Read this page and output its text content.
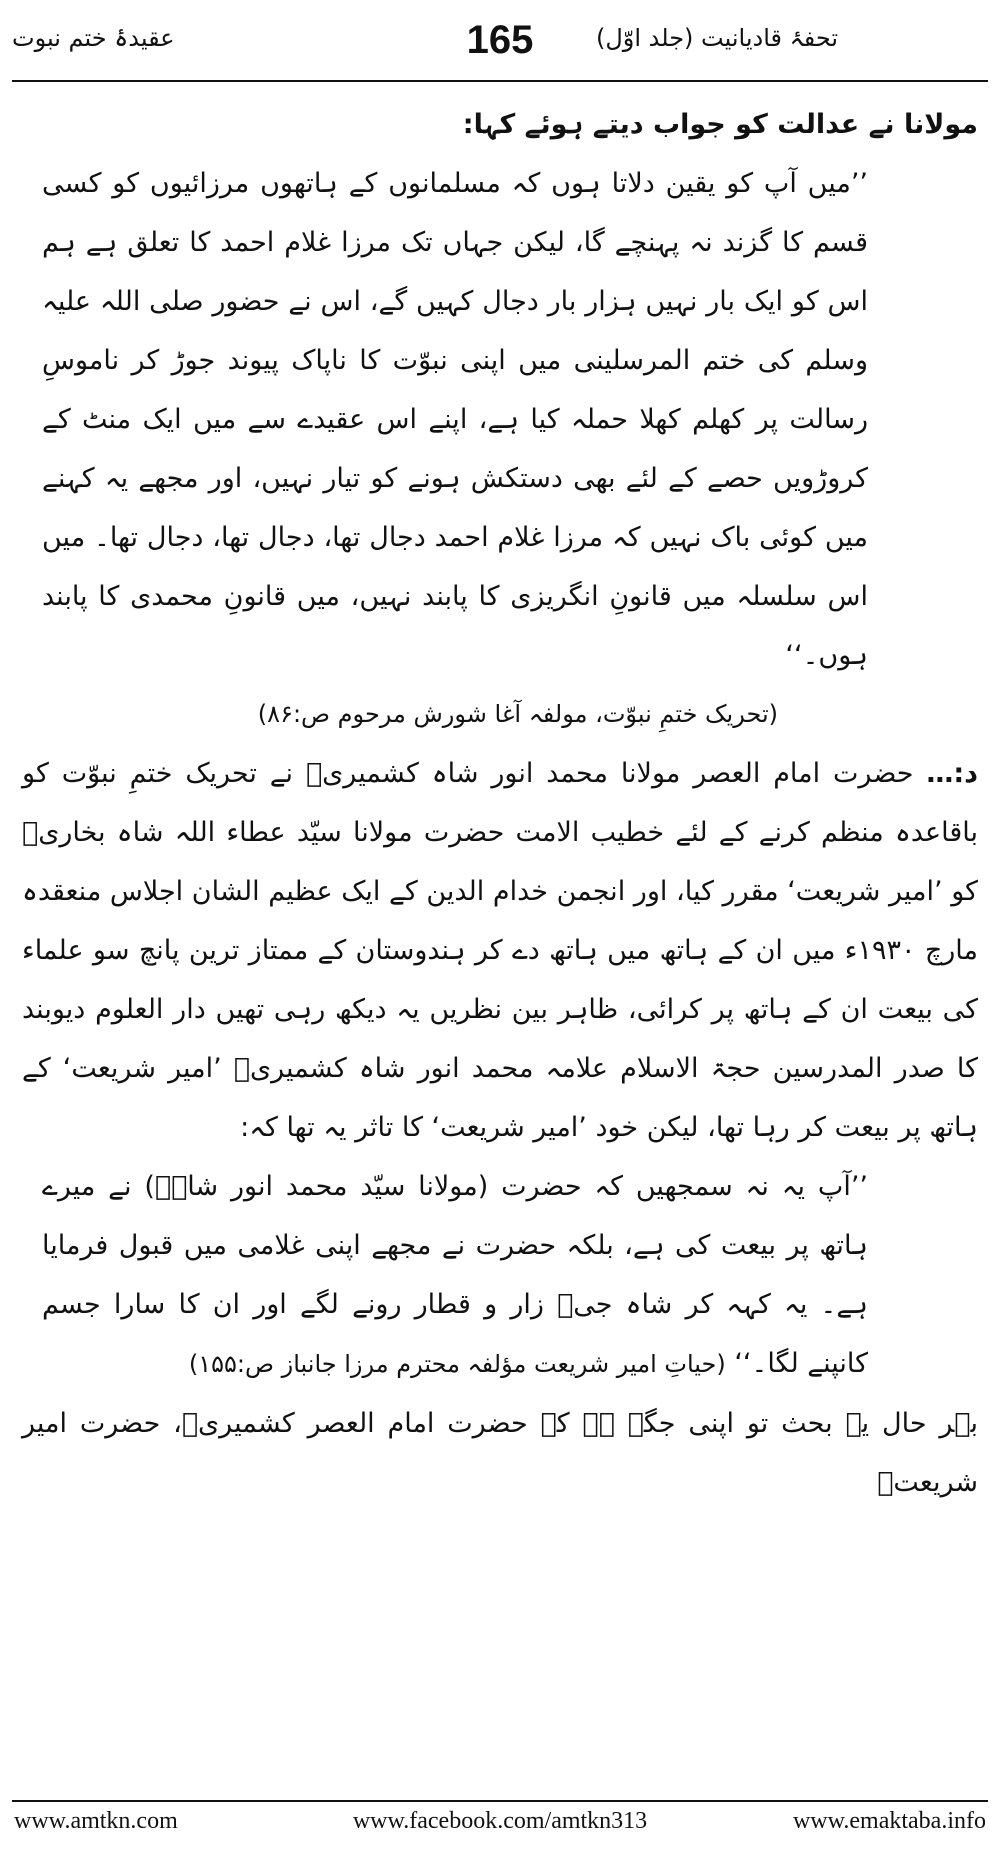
عقیدۂ ختم نبوت	165	تحفۂ قادیانیت (جلد اوّل)

مولانا نے عدالت کو جواب دیتے ہوئے کہا:

’’میں آپ کو یقین دلاتا ہوں کہ مسلمانوں کے ہاتھوں مرزائیوں کو کسی قسم کا گزند نہ پہنچے گا، لیکن جہاں تک مرزا غلام احمد کا تعلق ہے ہم اس کو ایک بار نہیں ہزار بار دجال کہیں گے، اس نے حضور صلی اللہ علیہ وسلم کی ختم المرسلینی میں اپنی نبوّت کا ناپاک پیوند جوڑ کر ناموسِ رسالت پر کھلم کھلا حملہ کیا ہے، اپنے اس عقیدے سے میں ایک منٹ کے کروڑویں حصے کے لئے بھی دستکش ہونے کو تیار نہیں، اور مجھے یہ کہنے میں کوئی باک نہیں کہ مرزا غلام احمد دجال تھا، دجال تھا، دجال تھا۔ میں اس سلسلہ میں قانونِ انگریزی کا پابند نہیں، میں قانونِ محمدی کا پابند ہوں۔‘‘

(تحریک ختمِ نبوّت، مولفہ آغا شورش مرحوم ص:۸۶)

د:… حضرت امام العصر مولانا محمد انور شاہ کشمیریؒ نے تحریک ختمِ نبوّت کو باقاعدہ منظم کرنے کے لئے خطیب الامت حضرت مولانا سیّد عطاء اللہ شاہ بخاریؒ کو ’امیر شریعت‘ مقرر کیا، اور انجمن خدام الدین کے ایک عظیم الشان اجلاس منعقدہ مارچ ۱۹۳۰ء میں ان کے ہاتھ میں ہاتھ دے کر ہندوستان کے ممتاز ترین پانچ سو علماء کی بیعت ان کے ہاتھ پر کرائی، ظاہر بین نظریں یہ دیکھ رہی تھیں دار العلوم دیوبند کا صدر المدرسین حجۃ الاسلام علامہ محمد انور شاہ کشمیریؒ ’امیر شریعت‘ کے ہاتھ پر بیعت کر رہا تھا، لیکن خود ’امیر شریعت‘ کا تاثر یہ تھا کہ:

’’آپ یہ نہ سمجھیں کہ حضرت (مولانا سیّد محمد انور شاہؒ) نے میرے ہاتھ پر بیعت کی ہے، بلکہ حضرت نے مجھے اپنی غلامی میں قبول فرمایا ہے۔ یہ کہہ کر شاہ جیؒ زار و قطار رونے لگے اور ان کا سارا جسم کانپنے لگا۔‘‘ (حیاتِ امیر شریعت مؤلفہ محترم مرزا جانباز ص:۱۵۵)

بہر حال یہ بحث تو اپنی جگہ ہے کہ حضرت امام العصر کشمیریؒ، حضرت امیر شریعتؒ

www.amtkn.com	www.facebook.com/amtkn313	www.emaktaba.info
